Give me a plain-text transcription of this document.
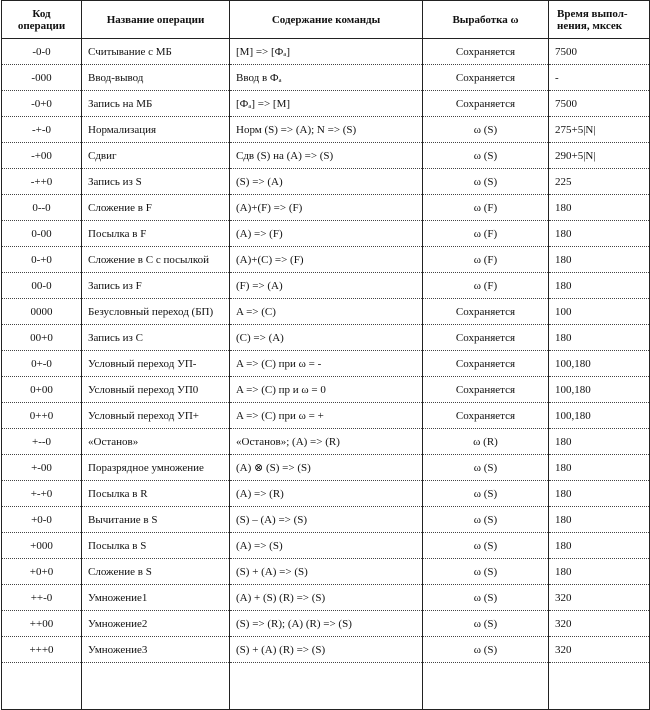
Код операции	Название операции	Содержание команды	Выработка ω	Время выпол-нения, мксек
-0-0	Считывание с МБ	[M] => [Фₐ]	Сохраняется	7500
-000	Ввод-вывод	Ввод в Фₐ	Сохраняется	-
-0+0	Запись на МБ	[Фₐ] => [M]	Сохраняется	7500
-+-0	Нормализация	Норм (S) => (A); N => (S)	ω (S)	275+5|N|
-+00	Сдвиг	Сдв (S) на (A) => (S)	ω (S)	290+5|N|
-++0	Запись из S	(S) => (A)	ω (S)	225
0--0	Сложение в F	(A)+(F) => (F)	ω (F)	180
0-00	Посылка в F	(A) => (F)	ω (F)	180
0-+0	Сложение в С с посылкой	(A)+(C) => (F)	ω (F)	180
00-0	Запись из F	(F) => (A)	ω (F)	180
0000	Безусловный переход (БП)	A => (C)	Сохраняется	100
00+0	Запись из С	(C) => (A)	Сохраняется	180
0+-0	Условный переход УП-	A => (C) при ω = -	Сохраняется	100,180
0+00	Условный переход УП0	A => (C) пр и ω = 0	Сохраняется	100,180
0++0	Условный переход УП+	A => (C) при ω = +	Сохраняется	100,180
+--0	«Останов»	«Останов»; (A) => (R)	ω (R)	180
+-00	Поразрядное умножение	(A) ⊗ (S) => (S)	ω (S)	180
+-+0	Посылка в R	(A) => (R)	ω (S)	180
+0-0	Вычитание в S	(S) – (A) => (S)	ω (S)	180
+000	Посылка в S	(A) => (S)	ω (S)	180
+0+0	Сложение в S	(S) + (A) => (S)	ω (S)	180
++-0	Умножение1	(A) + (S) (R) => (S)	ω (S)	320
++00	Умножение2	(S) => (R); (A) (R) => (S)	ω (S)	320
+++0	Умножение3	(S) + (A) (R) => (S)	ω (S)	320
